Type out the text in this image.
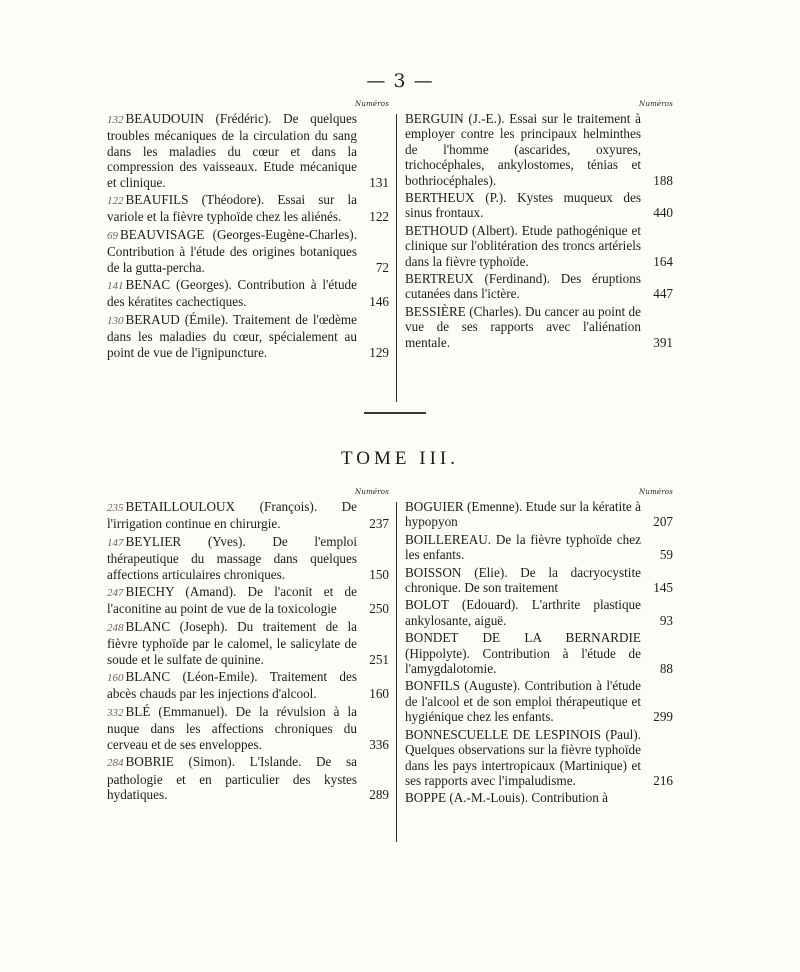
— 3 —
Numéros
132 BEAUDOUIN (Frédéric). De quelques troubles mécaniques de la circulation du sang dans les maladies du cœur et dans la compression des vaisseaux. Etude mécanique et clinique.	131
122 BEAUFILS (Théodore). Essai sur la variole et la fièvre typhoïde chez les aliénés.	122
69 BEAUVISAGE (Georges-Eugène-Charles). Contribution à l'étude des origines botaniques de la gutta-percha.	72
141 BENAC (Georges). Contribution à l'étude des kératites cachectiques.	146
130 BERAUD (Émile). Traitement de l'œdème dans les maladies du cœur, spécialement au point de vue de l'ignipuncture.	129
Numéros
BERGUIN (J.-E.). Essai sur le traitement à employer contre les principaux helminthes de l'homme (ascarides, oxyures, trichocéphales, ankylostomes, ténias et bothriocéphales).	188
BERTHEUX (P.). Kystes muqueux des sinus frontaux.	440
BETHOUD (Albert). Etude pathogénique et clinique sur l'oblitération des troncs artériels dans la fièvre typhoïde.	164
BERTREUX (Ferdinand). Des éruptions cutanées dans l'ictère.	447
BESSIÈRE (Charles). Du cancer au point de vue de ses rapports avec l'aliénation mentale.	391
TOME III.
Numéros
235 BETAILLOULOUX (François). De l'irrigation continue en chirurgie.	237
147 BEYLIER (Yves). De l'emploi thérapeutique du massage dans quelques affections articulaires chroniques.	150
247 BIECHY (Amand). De l'aconit et de l'aconitine au point de vue de la toxicologie	250
248 BLANC (Joseph). Du traitement de la fièvre typhoïde par le calomel, le salicylate de soude et le sulfate de quinine.	251
160 BLANC (Léon-Emile). Traitement des abcès chauds par les injections d'alcool.	160
332 BLÉ (Emmanuel). De la révulsion à la nuque dans les affections chroniques du cerveau et de ses enveloppes.	336
284 BOBRIE (Simon). L'Islande. De sa pathologie et en particulier des kystes hydatiques.	289
Numéros
BOGUIER (Emenne). Etude sur la kératite à hypopyon	207
BOILLEREAU. De la fièvre typhoïde chez les enfants.	59
BOISSON (Elie). De la dacryocystite chronique. De son traitement	145
BOLOT (Edouard). L'arthrite plastique ankylosante, aiguë.	93
BONDET DE LA BERNARDIE (Hippolyte). Contribution à l'étude de l'amygdalotomie.	88
BONFILS (Auguste). Contribution à l'étude de l'alcool et de son emploi thérapeutique et hygiénique chez les enfants.	299
BONNESCUELLE DE LESPINOIS (Paul). Quelques observations sur la fièvre typhoïde dans les pays intertropicaux (Martinique) et ses rapports avec l'impaludisme.	216
BOPPE (A.-M.-Louis). Contribution à
